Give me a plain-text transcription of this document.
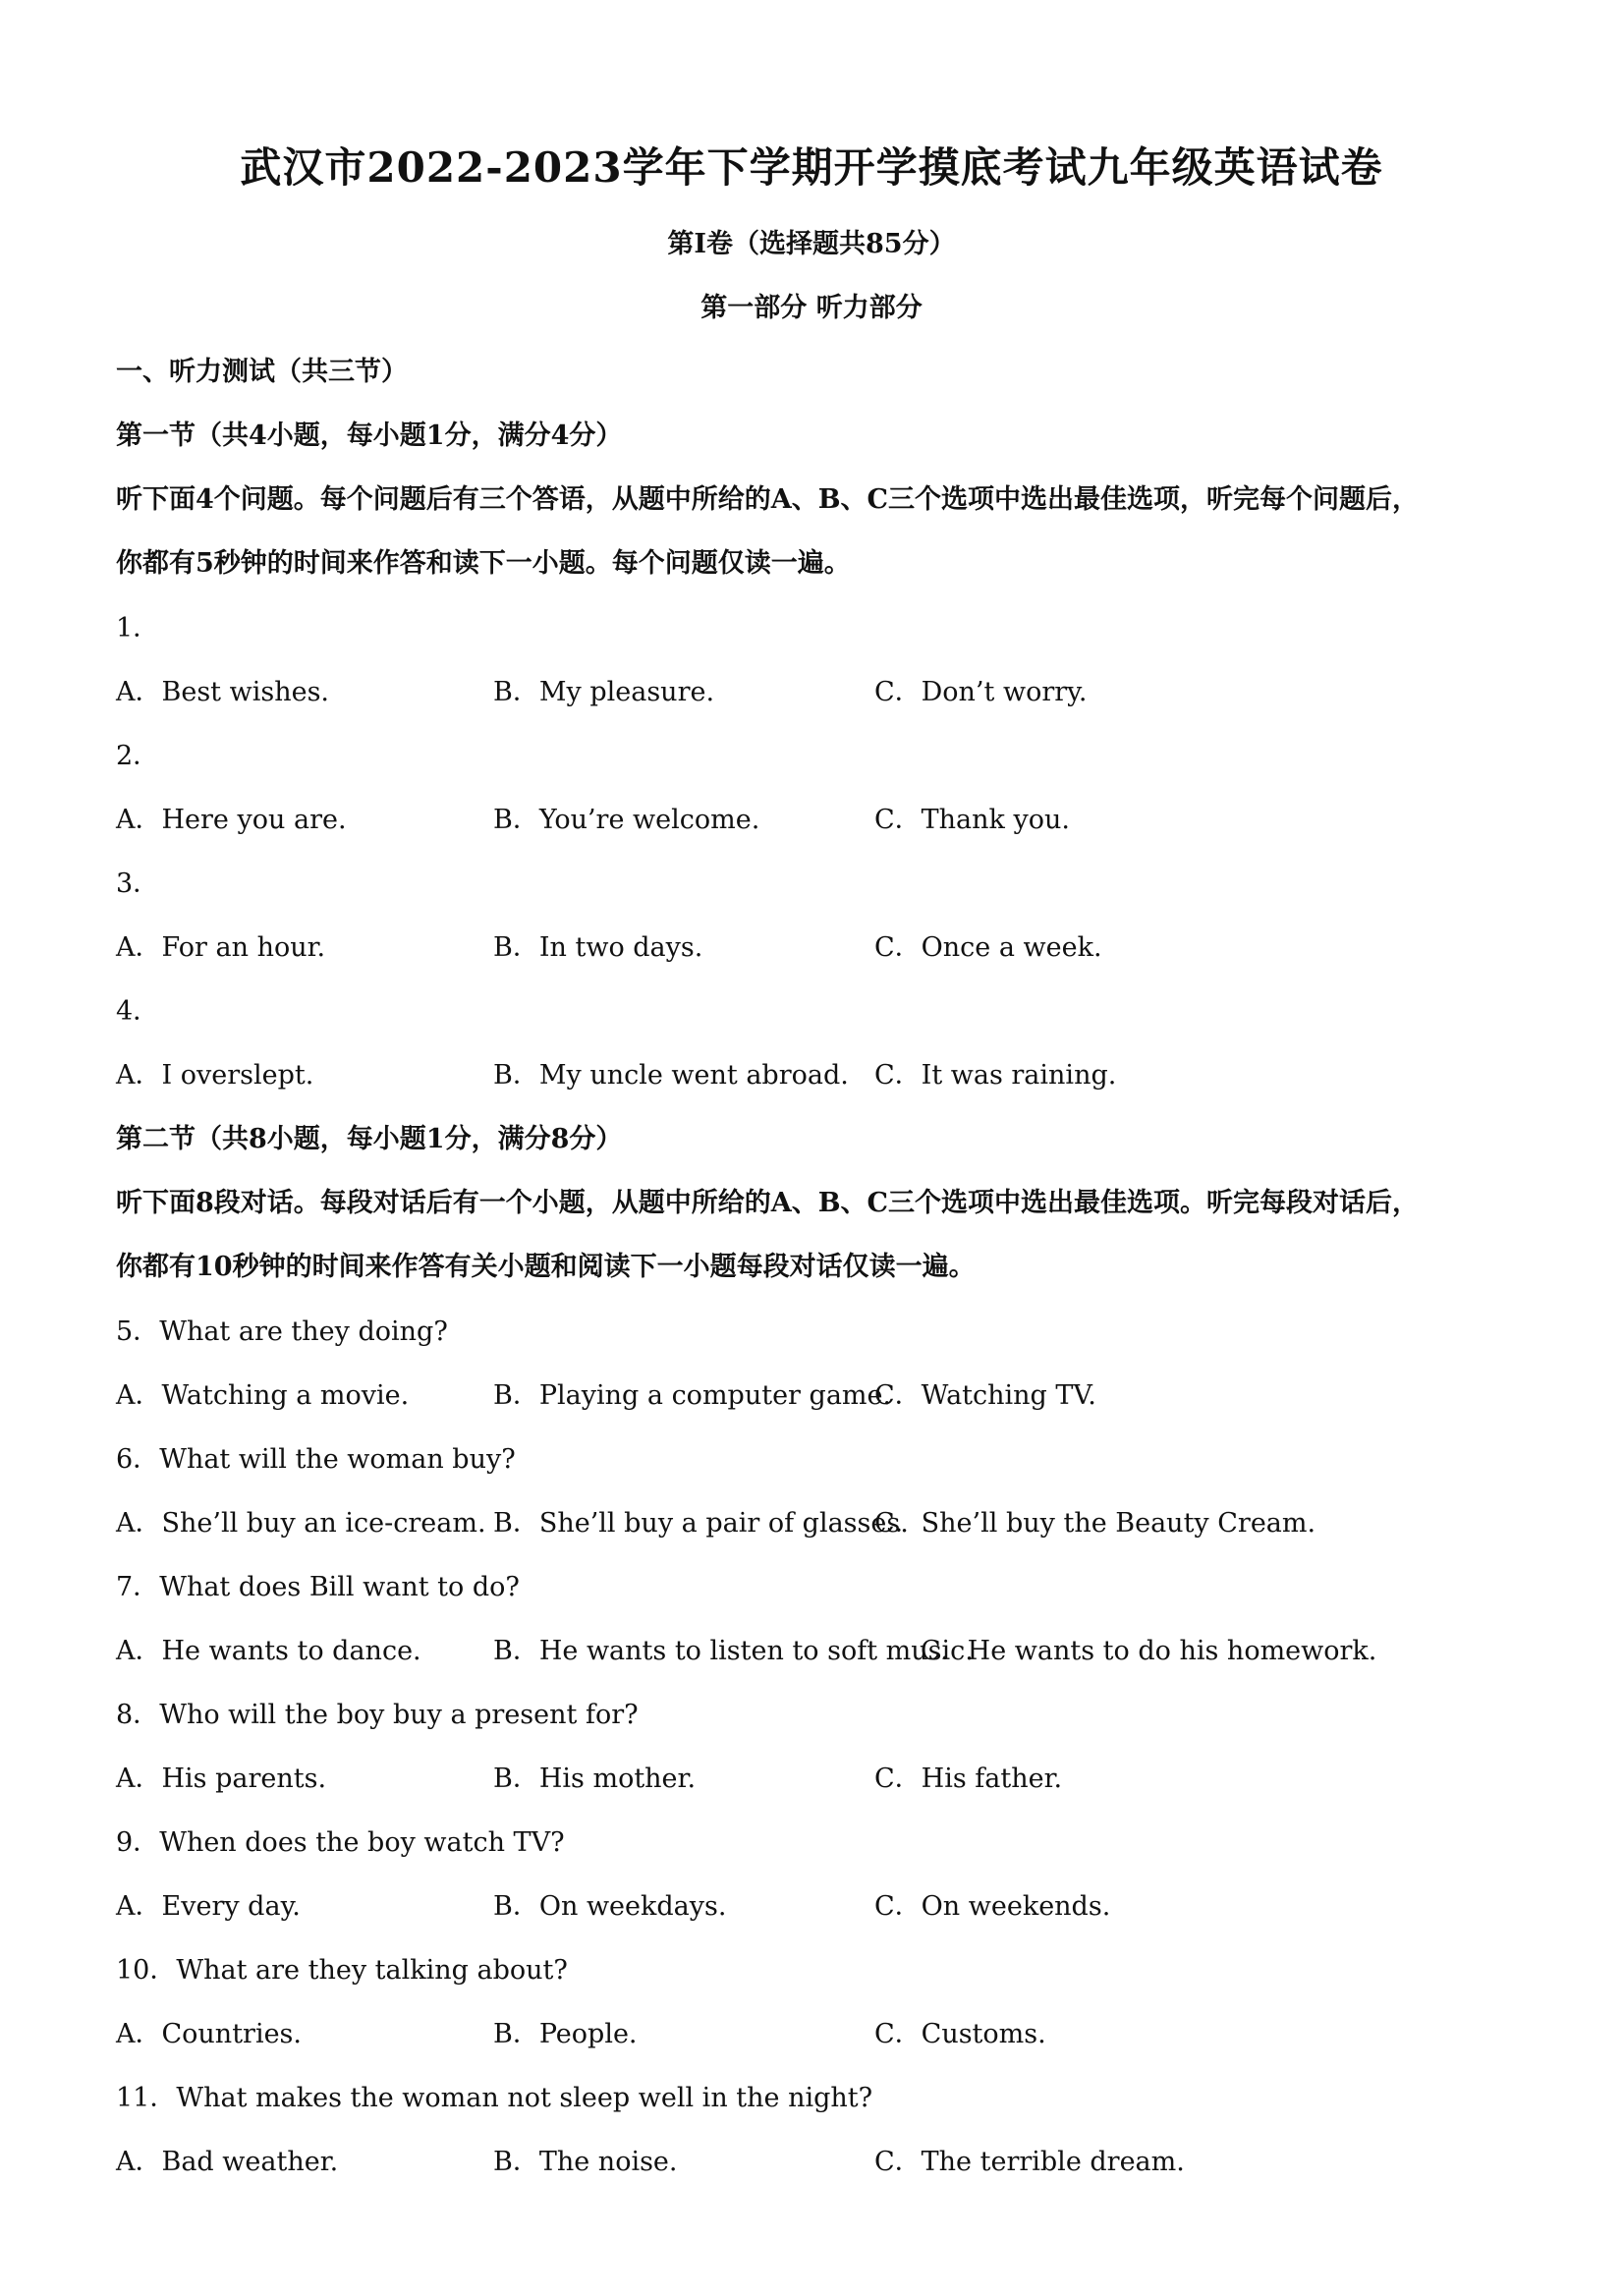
武汉市2022-2023学年下学期开学摸底考试九年级英语试卷
第Ⅰ卷（选择题共85分）
第一部分 听力部分
一、听力测试（共三节）
第一节（共4小题，每小题1分，满分4分）
听下面4个问题。每个问题后有三个答语，从题中所给的A、B、C三个选项中选出最佳选项，听完每个问题后，
你都有5秒钟的时间来作答和读下一小题。每个问题仅读一遍。
1．
A．Best wishes.	B．My pleasure.	C．Don’t worry.
2．
A．Here you are.	B．You’re welcome.	C．Thank you.
3．
A．For an hour.	B．In two days.	C．Once a week.
4．
A．I overslept.	B．My uncle went abroad. C．It was raining.
第二节（共8小题，每小题1分，满分8分）
听下面8段对话。每段对话后有一个小题，从题中所给的A、B、C三个选项中选出最佳选项。听完每段对话后，
你都有10秒钟的时间来作答有关小题和阅读下一小题每段对话仅读一遍。
5．What are they doing?
A．Watching a movie.	B．Playing a computer game.
C．Watching TV.
6．What will the woman buy?
A．She’ll buy an ice-cream. B．She’ll buy a pair of glasses.
C．She’ll buy the Beauty Cream.
7．What does Bill want to do?
A．He wants to dance.	B．He wants to listen to soft music.
C．He wants to do his homework.
8．Who will the boy buy a present for?
A．His parents.	B．His mother.	C．His father.
9．When does the boy watch TV?
A．Every day.	B．On weekdays.	C．On weekends.
10．What are they talking about?
A．Countries.	B．People.	C．Customs.
11．What makes the woman not sleep well in the night?
A．Bad weather.	B．The noise.	C．The terrible dream.
